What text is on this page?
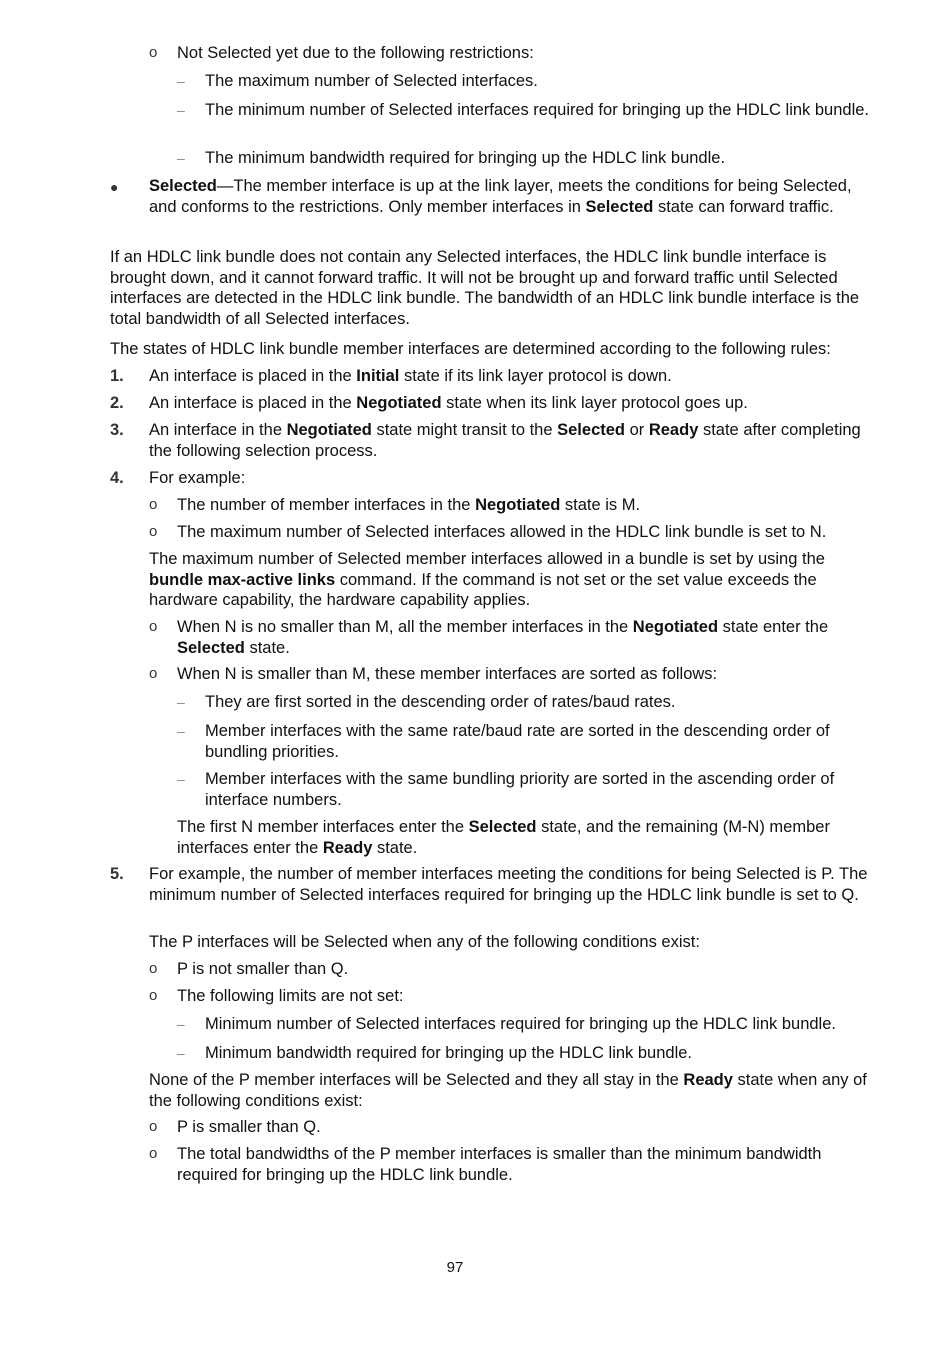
o Not Selected yet due to the following restrictions:
– The maximum number of Selected interfaces.
– The minimum number of Selected interfaces required for bringing up the HDLC link bundle.
– The minimum bandwidth required for bringing up the HDLC link bundle.
● Selected—The member interface is up at the link layer, meets the conditions for being Selected, and conforms to the restrictions. Only member interfaces in Selected state can forward traffic.
If an HDLC link bundle does not contain any Selected interfaces, the HDLC link bundle interface is brought down, and it cannot forward traffic. It will not be brought up and forward traffic until Selected interfaces are detected in the HDLC link bundle. The bandwidth of an HDLC link bundle interface is the total bandwidth of all Selected interfaces.
The states of HDLC link bundle member interfaces are determined according to the following rules:
1. An interface is placed in the Initial state if its link layer protocol is down.
2. An interface is placed in the Negotiated state when its link layer protocol goes up.
3. An interface in the Negotiated state might transit to the Selected or Ready state after completing the following selection process.
4. For example:
o The number of member interfaces in the Negotiated state is M.
o The maximum number of Selected interfaces allowed in the HDLC link bundle is set to N.
The maximum number of Selected member interfaces allowed in a bundle is set by using the bundle max-active links command. If the command is not set or the set value exceeds the hardware capability, the hardware capability applies.
o When N is no smaller than M, all the member interfaces in the Negotiated state enter the Selected state.
o When N is smaller than M, these member interfaces are sorted as follows:
– They are first sorted in the descending order of rates/baud rates.
– Member interfaces with the same rate/baud rate are sorted in the descending order of bundling priorities.
– Member interfaces with the same bundling priority are sorted in the ascending order of interface numbers.
The first N member interfaces enter the Selected state, and the remaining (M-N) member interfaces enter the Ready state.
5. For example, the number of member interfaces meeting the conditions for being Selected is P. The minimum number of Selected interfaces required for bringing up the HDLC link bundle is set to Q.
The P interfaces will be Selected when any of the following conditions exist:
o P is not smaller than Q.
o The following limits are not set:
– Minimum number of Selected interfaces required for bringing up the HDLC link bundle.
– Minimum bandwidth required for bringing up the HDLC link bundle.
None of the P member interfaces will be Selected and they all stay in the Ready state when any of the following conditions exist:
o P is smaller than Q.
o The total bandwidths of the P member interfaces is smaller than the minimum bandwidth required for bringing up the HDLC link bundle.
97
